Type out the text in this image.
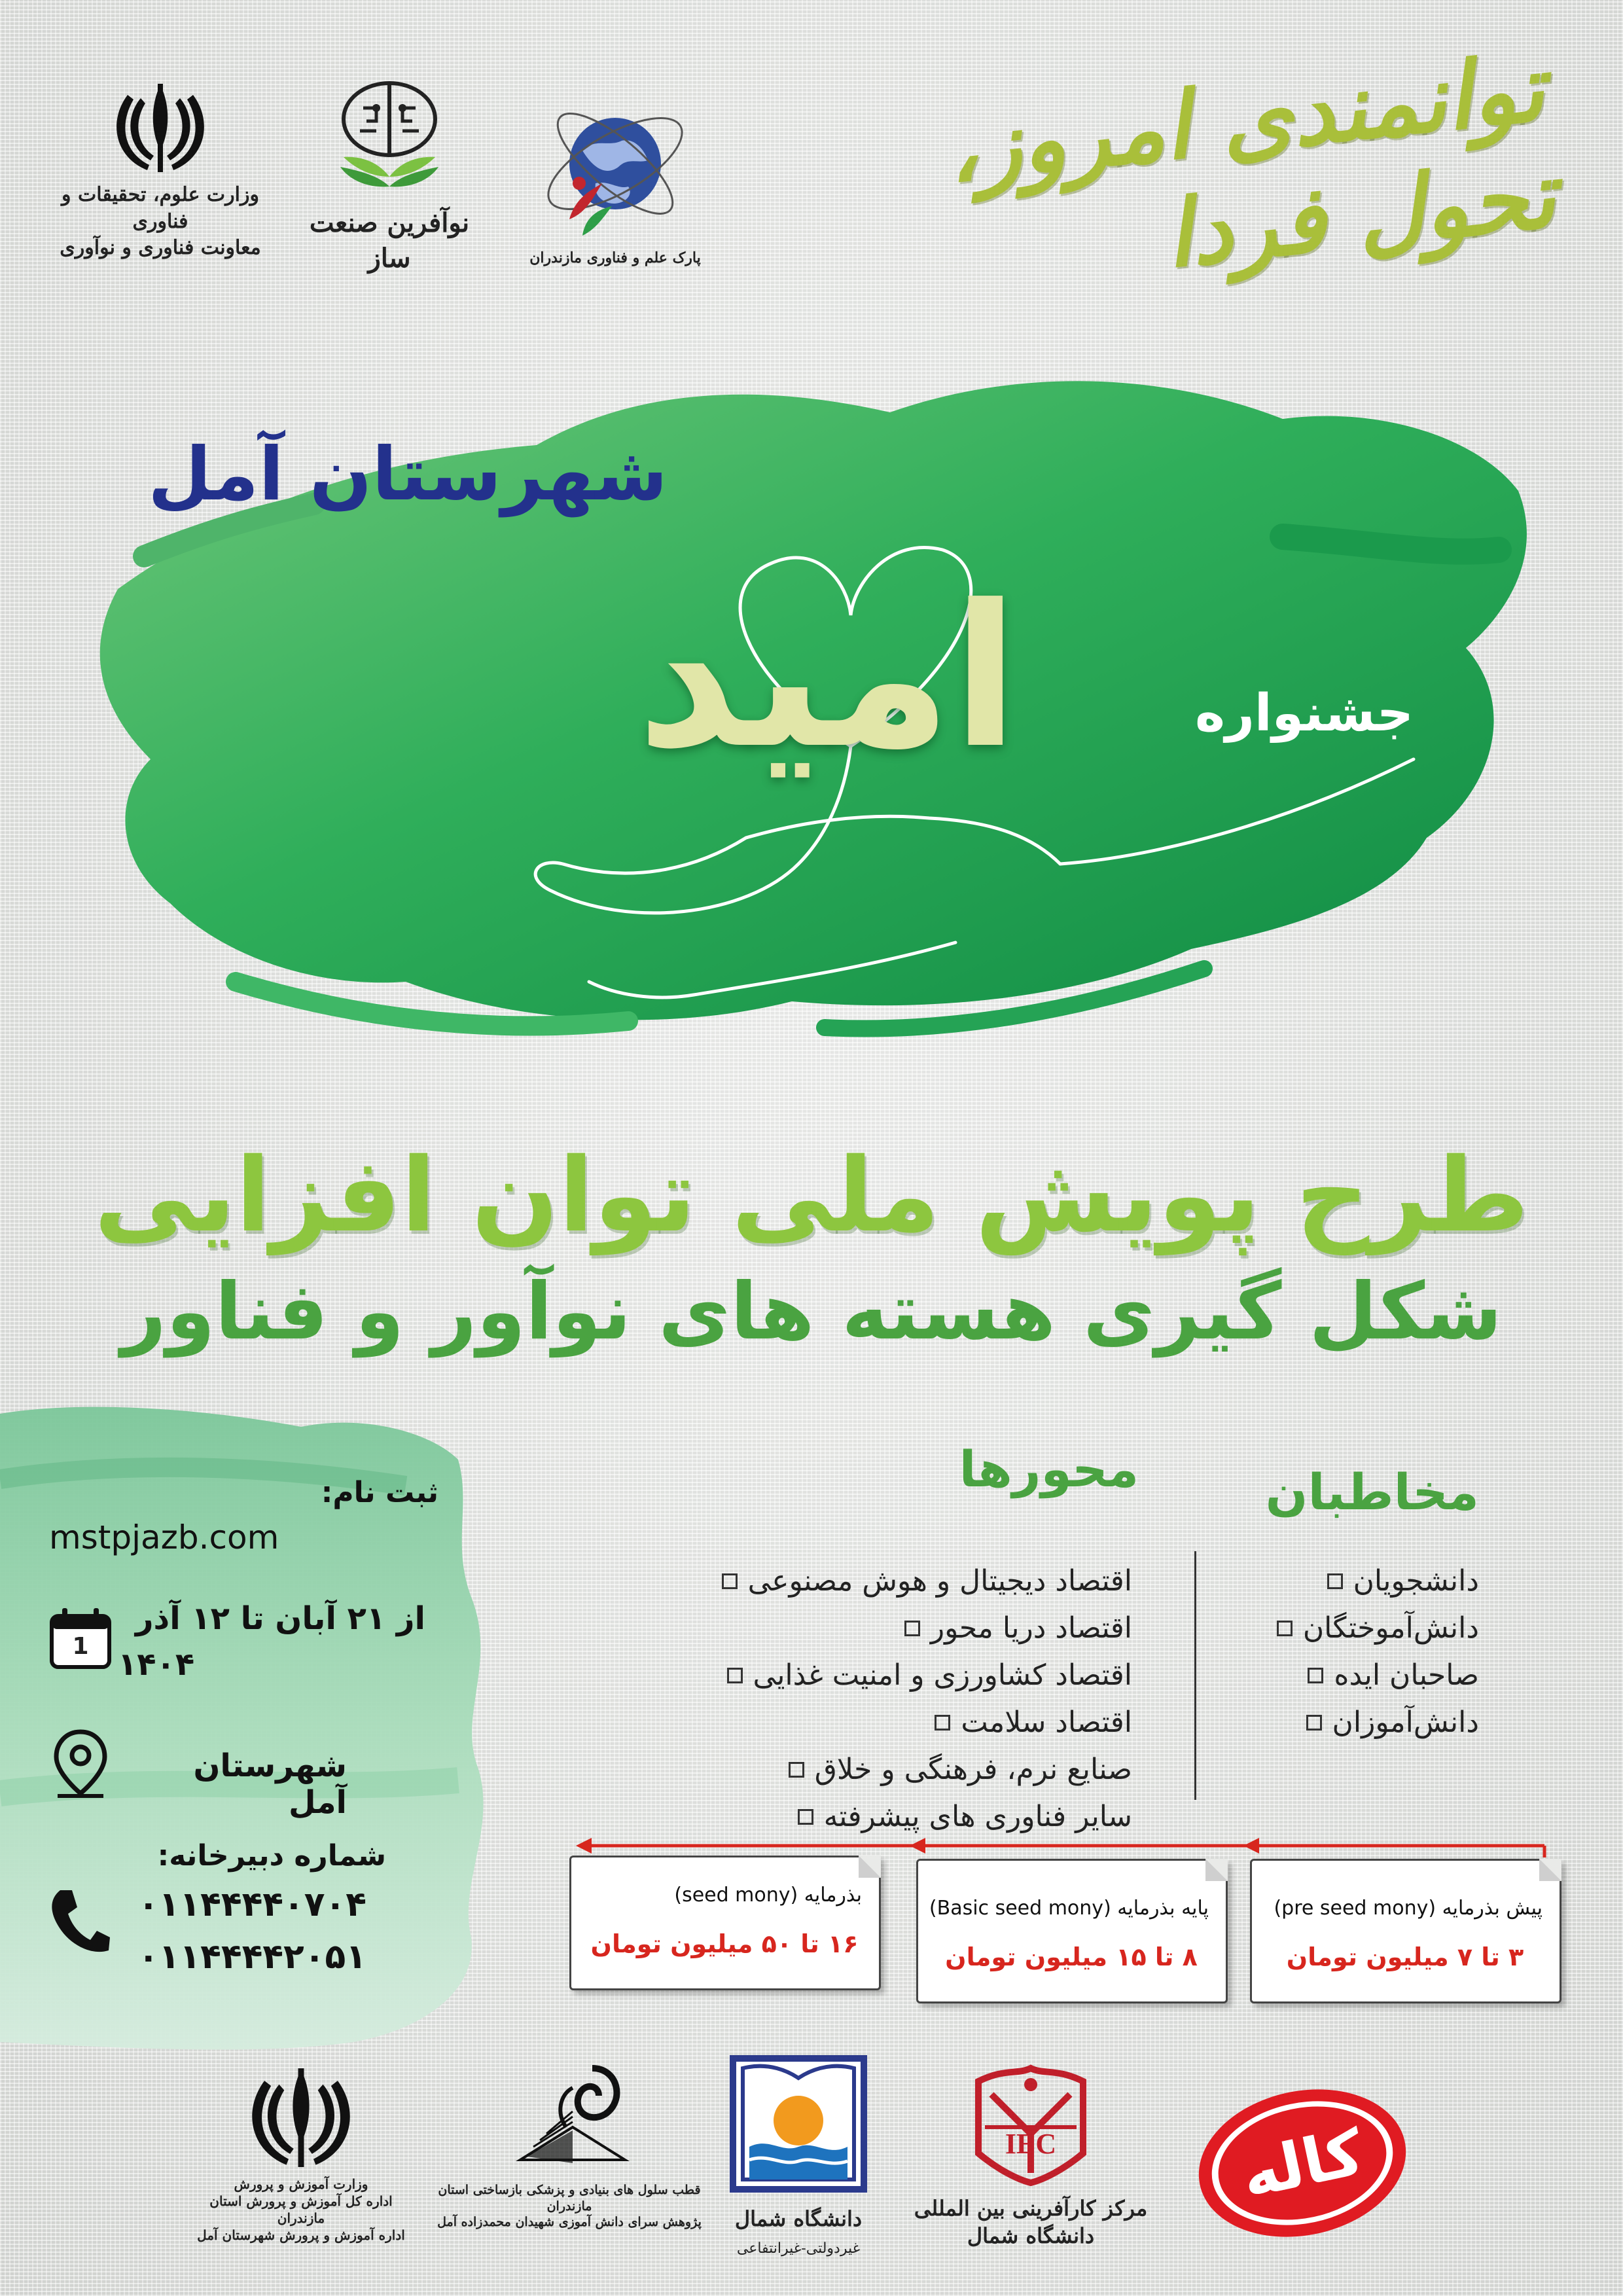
وزارت علوم، تحقیقات و فناوری
معاونت فناوری و نوآوری
نوآفرین صنعت ساز	پارک علم و فناوری مازندران
توانمندی امروز، تحول فردا
شهرستان آمل
امید	جشنواره
طرح پویش ملی توان افزایی
شکل گیری هسته های نوآور و فناور
ثبت نام:
mstpjazb.com
1
از ۲۱ آبان تا ۱۲ آذر
۱۴۰۴
شهرستان آمل
شماره دبیرخانه:
۰۱۱۴۴۴۴۰۷۰۴
۰۱۱۴۴۴۴۲۰۵۱
مخاطبان
دانشجویان
دانش‌آموختگان
صاحبان ایده
دانش‌آموزان
محورها
اقتصاد دیجیتال و هوش مصنوعی
اقتصاد دریا محور
اقتصاد کشاورزی و امنیت غذایی
اقتصاد سلامت
صنایع نرم، فرهنگی و خلاق
سایر فناوری های پیشرفته
بذرمایه (seed mony)
۱۶ تا ۵۰ میلیون تومان
پایه بذرمایه (Basic seed mony)
۸ تا ۱۵ میلیون تومان
پیش بذرمایه (pre seed mony)
۳ تا ۷ میلیون تومان
وزارت آموزش و پرورش
اداره کل آموزش و پرورش استان مازندران
اداره آموزش و پرورش شهرستان آمل
قطب سلول های بنیادی و پزشکی بازساختی استان مازندران
پژوهش سرای دانش آموزی شهیدان محمدزاده آمل	دانشگاه شمال
غیردولتی-غیرانتفاعی
IEC
مرکز کارآفرینی بین المللی
دانشگاه شمال
کاله
